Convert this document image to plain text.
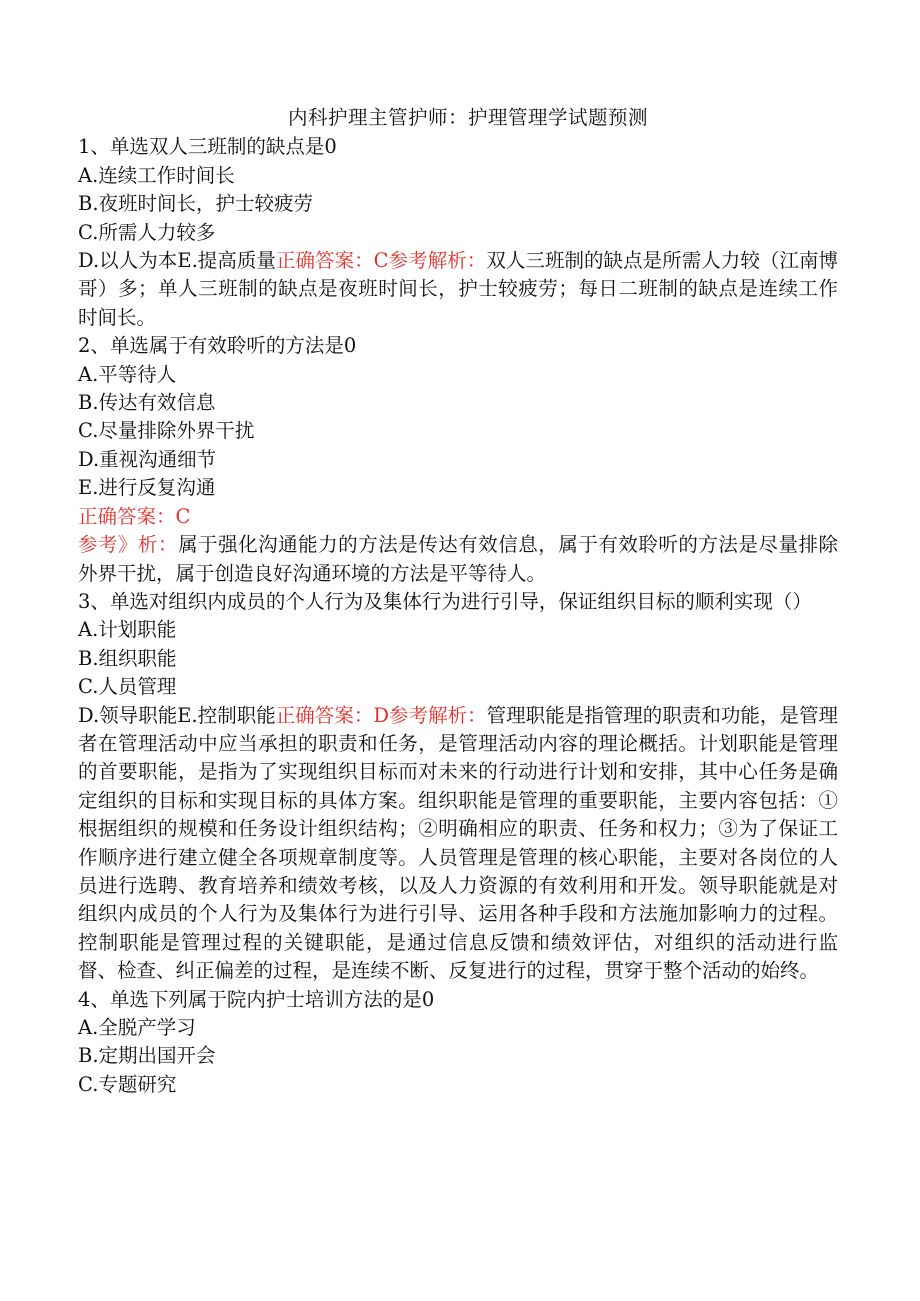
内科护理主管护师：护理管理学试题预测
1、单选双人三班制的缺点是0
A.连续工作时间长
B.夜班时间长，护士较疲劳
C.所需人力较多
D.以人为本E.提高质量正确答案：C参考解析：双人三班制的缺点是所需人力较（江南博哥）多；单人三班制的缺点是夜班时间长，护士较疲劳；每日二班制的缺点是连续工作时间长。
2、单选属于有效聆听的方法是0
A.平等待人
B.传达有效信息
C.尽量排除外界干扰
D.重视沟通细节
E.进行反复沟通
正确答案：C
参考》析：属于强化沟通能力的方法是传达有效信息，属于有效聆听的方法是尽量排除外界干扰，属于创造良好沟通环境的方法是平等待人。
3、单选对组织内成员的个人行为及集体行为进行引导，保证组织目标的顺利实现（）
A.计划职能
B.组织职能
C.人员管理
D.领导职能E.控制职能正确答案：D参考解析：管理职能是指管理的职责和功能，是管理者在管理活动中应当承担的职责和任务，是管理活动内容的理论概括。计划职能是管理的首要职能，是指为了实现组织目标而对未来的行动进行计划和安排，其中心任务是确定组织的目标和实现目标的具体方案。组织职能是管理的重要职能，主要内容包括：①根据组织的规模和任务设计组织结构；②明确相应的职责、任务和权力；③为了保证工作顺序进行建立健全各项规章制度等。人员管理是管理的核心职能，主要对各岗位的人员进行选聘、教育培养和绩效考核，以及人力资源的有效利用和开发。领导职能就是对组织内成员的个人行为及集体行为进行引导、运用各种手段和方法施加影响力的过程。控制职能是管理过程的关键职能，是通过信息反馈和绩效评估，对组织的活动进行监督、检查、纠正偏差的过程，是连续不断、反复进行的过程，贯穿于整个活动的始终。
4、单选下列属于院内护士培训方法的是0
A.全脱产学习
B.定期出国开会
C.专题研究
